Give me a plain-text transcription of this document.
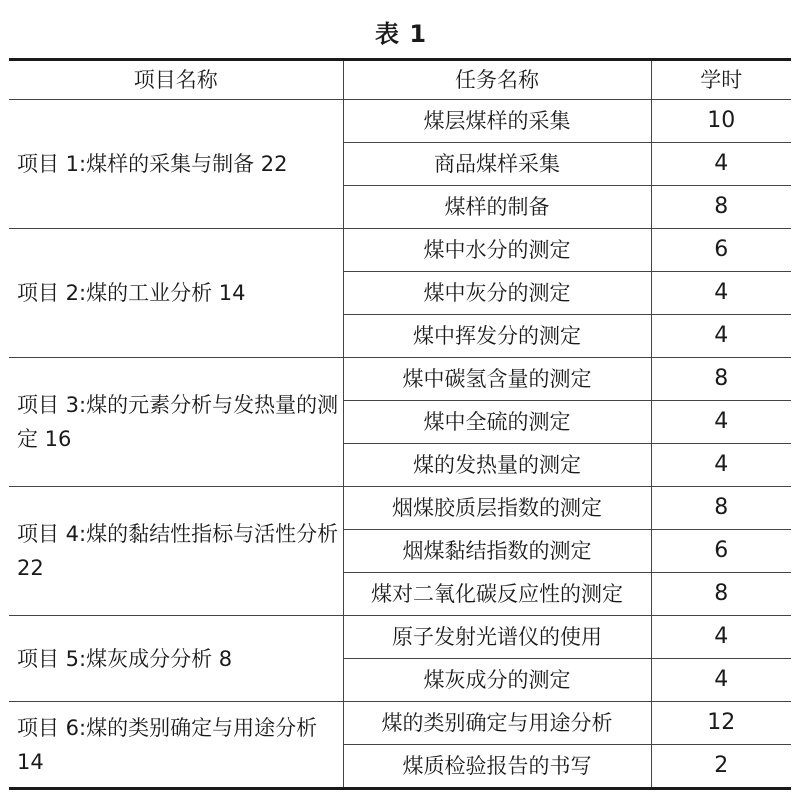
表 1
项目名称	任务名称	学时
项目 1:煤样的采集与制备 22	煤层煤样的采集	10
	商品煤样采集	4
	煤样的制备	8
项目 2:煤的工业分析 14	煤中水分的测定	6
	煤中灰分的测定	4
	煤中挥发分的测定	4
项目 3:煤的元素分析与发热量的测定 16	煤中碳氢含量的测定	8
	煤中全硫的测定	4
	煤的发热量的测定	4
项目 4:煤的黏结性指标与活性分析 22	烟煤胶质层指数的测定	8
	烟煤黏结指数的测定	6
	煤对二氧化碳反应性的测定	8
项目 5:煤灰成分分析 8	原子发射光谱仪的使用	4
	煤灰成分的测定	4
项目 6:煤的类别确定与用途分析 14	煤的类别确定与用途分析	12
	煤质检验报告的书写	2
